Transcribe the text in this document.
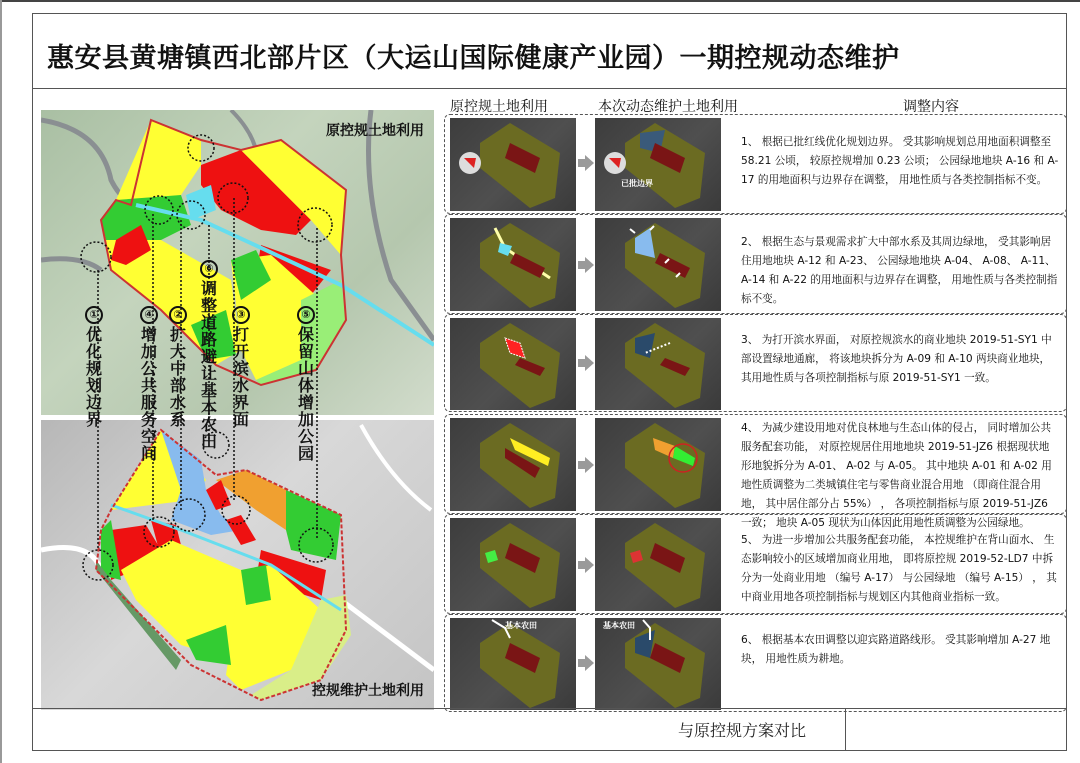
惠安县黄塘镇西北部片区（大运山国际健康产业园）一期控规动态维护
原控规土地利用
控规维护土地利用
①
优化规划边界
④
增加公共服务空间
②
扩大中部水系
⑥
调整道路避让基本农田
③
打开滨水界面
⑤
保留山体增加公园
原控规土地利用	本次动态维护土地利用	调整内容
已批边界
1、 根据已批红线优化规划边界。 受其影响规划总用地面积调整至58.21 公顷， 较原控规增加 0.23 公顷； 公园绿地地块 A-16 和 A-17 的用地面积与边界存在调整， 用地性质与各类控制指标不变。
2、 根据生态与景观需求扩大中部水系及其周边绿地， 受其影响居住用地地块 A-12 和 A-23、 公园绿地地块 A-04、 A-08、 A-11、 A-14 和 A-22 的用地面积与边界存在调整， 用地性质与各类控制指标不变。
3、 为打开滨水界面， 对原控规滨水的商业地块 2019-51-SY1 中部设置绿地通廊， 将该地块拆分为 A-09 和 A-10 两块商业地块， 其用地性质与各项控制指标与原 2019-51-SY1 一致。
4、 为减少建设用地对优良林地与生态山体的侵占， 同时增加公共服务配套功能， 对原控规居住用地地块 2019-51-JZ6 根据现状地形地貌拆分为 A-01、 A-02 与 A-05。 其中地块 A-01 和 A-02 用地性质调整为二类城镇住宅与零售商业混合用地 （即商住混合用地， 其中居住部分占 55%） ， 各项控制指标与原 2019-51-JZ6 一致； 地块 A-05 现状为山体因此用地性质调整为公园绿地。
5、 为进一步增加公共服务配套功能， 本控规维护在背山面水、 生态影响较小的区域增加商业用地， 即将原控规 2019-52-LD7 中拆分为一处商业用地 （编号 A-17） 与公园绿地 （编号 A-15） ， 其中商业用地各项控制指标与规划区内其他商业指标一致。
基本农田	基本农田
6、 根据基本农田调整以迎宾路道路线形。 受其影响增加 A-27 地块， 用地性质为耕地。
与原控规方案对比
